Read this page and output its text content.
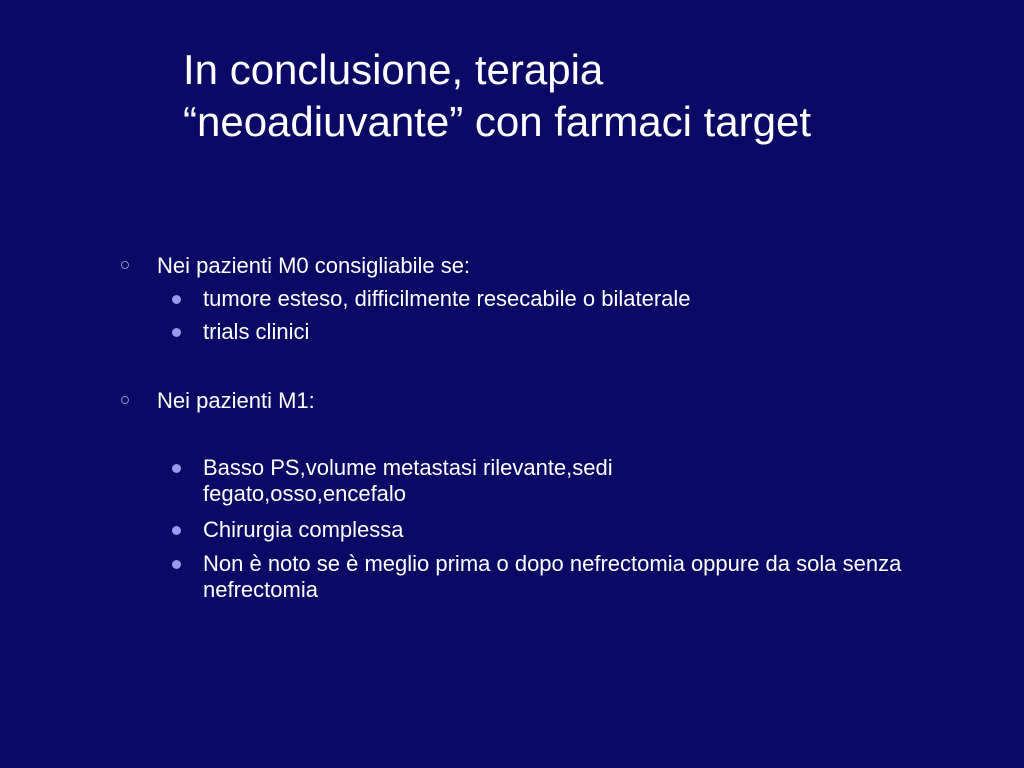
In conclusione, terapia
“neoadiuvante” con farmaci target
Nei pazienti M0 consigliabile se:
tumore esteso, difficilmente resecabile o bilaterale
trials clinici
Nei pazienti M1:
Basso PS,volume metastasi rilevante,sedi fegato,osso,encefalo
Chirurgia complessa
Non è noto se è meglio prima o dopo nefrectomia oppure da sola senza nefrectomia
